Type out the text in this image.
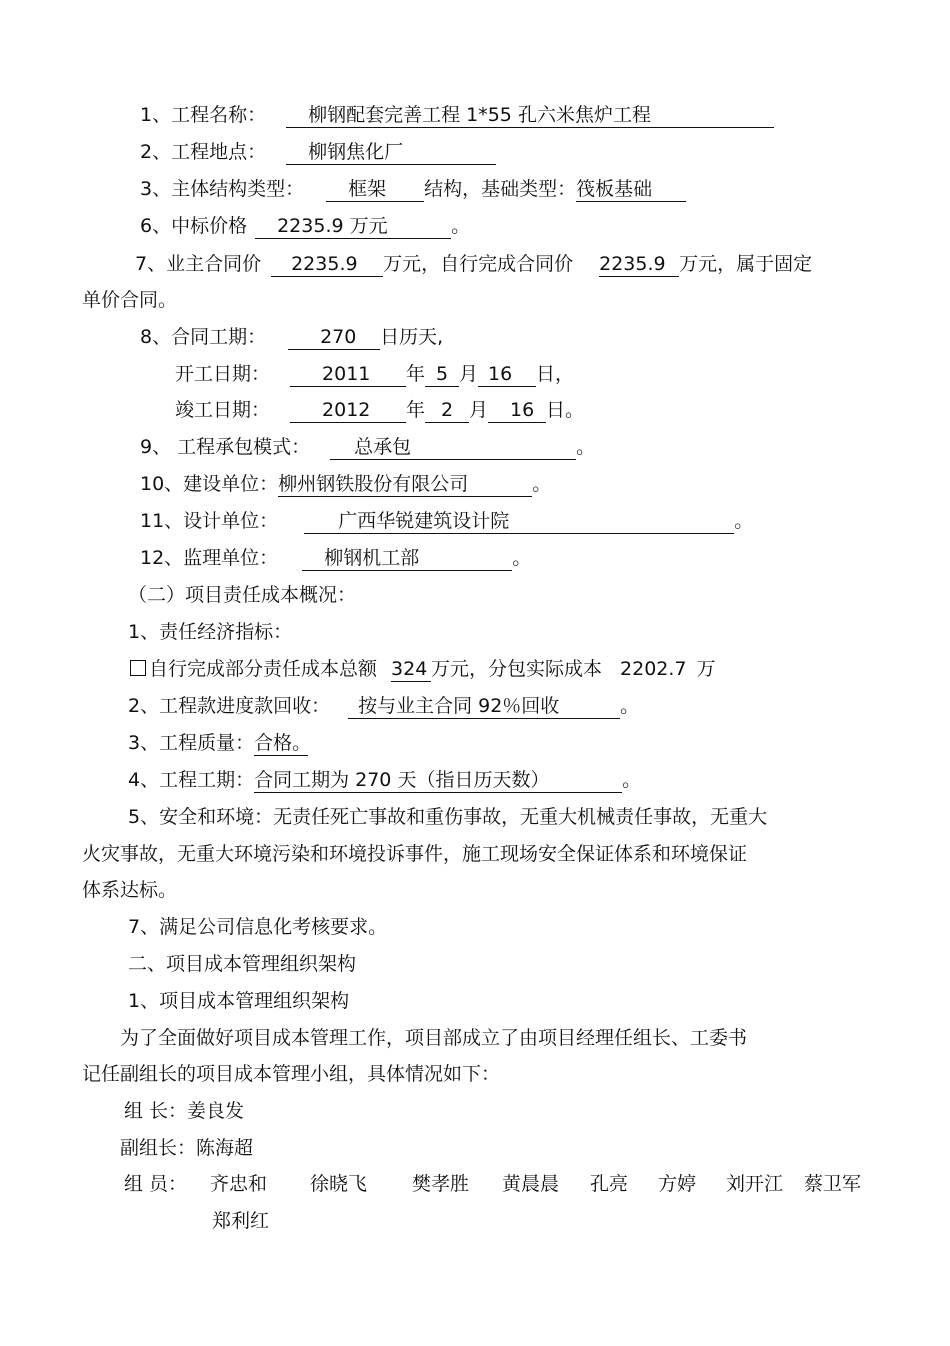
1、工程名称： 柳钢配套完善工程 1*55 孔六米焦炉工程
2、工程地点： 柳钢焦化厂
3、主体结构类型： 框架 结构，基础类型：筏板基础
6、中标价格 2235.9 万元	。
7、业主合同价 2235.9 万元，自行完成合同价 2235.9 万元，属于固定
单价合同。
8、合同工期：	270 日历天,
开工日期：	2011 年 5 月 16 日，
竣工日期：	2012 年 2 月 16 日。
9、 工程承包模式： 总承包	。
10、建设单位：柳州钢铁股份有限公司	。
11、设计单位：	广西华锐建筑设计院	。
12、监理单位： 柳钢机工部	。
（二）项目责任成本概况：
1、责任经济指标：
自行完成部分责任成本总额 324 万元，分包实际成本 2202.7 万
2、工程款进度款回收： 按与业主合同 92％回收	。
3、工程质量：合格。
4、工程工期：合同工期为 270 天（指日历天数）	。
5、安全和环境：无责任死亡事故和重伤事故，无重大机械责任事故，无重大
火灾事故，无重大环境污染和环境投诉事件，施工现场安全保证体系和环境保证
体系达标。
7、满足公司信息化考核要求。
二、项目成本管理组织架构
1、项目成本管理组织架构
为了全面做好项目成本管理工作，项目部成立了由项目经理任组长、工委书
记任副组长的项目成本管理小组，具体情况如下：
组 长：姜良发
副组长：陈海超
组 员： 齐忠和 徐晓飞 樊孝胜 黄晨晨 孔亮 方婷 刘开江 蔡卫军
郑利红
